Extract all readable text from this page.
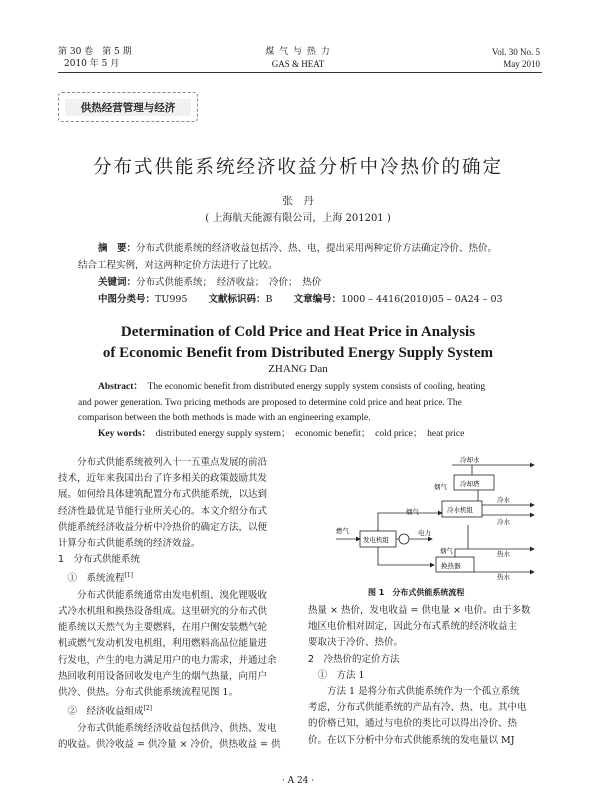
第 30 卷　第 5 期
2010 年 5 月
煤 气 与 热 力
GAS & HEAT
Vol. 30 No. 5
May 2010
供热经营管理与经济
分布式供能系统经济收益分析中冷热价的确定
张　丹
( 上海航天能源有限公司，上海 201201 )
摘　要：分布式供能系统的经济收益包括冷、热、电，提出采用两种定价方法确定冷价、热价。
结合工程实例，对这两种定价方法进行了比较。
关键词：分布式供能系统；　经济收益；　冷价；　热价
中图分类号：TU995 文献标识码：B 文章编号：1000 – 4416(2010)05 – 0A24 – 03
Determination of Cold Price and Heat Price in Analysis
of Economic Benefit from Distributed Energy Supply System
ZHANG Dan
Abstract： The economic benefit from distributed energy supply system consists of cooling, heating
and power generation. Two pricing methods are proposed to determine cold price and heat price. The
comparison between the both methods is made with an engineering example.
Key words： distributed energy supply system；　economic benefit；　cold price；　heat price
　　分布式供能系统被列入十一五重点发展的前沿
技术，近年来我国出台了许多相关的政策鼓励其发
展。如何给具体建筑配置分布式供能系统，以达到
经济性最优是节能行业所关心的。本文介绍分布式
供能系统经济收益分析中冷热价的确定方法，以便
计算分布式供能系统的经济效益。
1　分布式供能系统
　①　系统流程[1]
　　分布式供能系统通常由发电机组、溴化锂吸收
式冷水机组和换热设备组成。这里研究的分布式供
能系统以天然气为主要燃料，在用户侧安装燃气轮
机或燃气发动机发电机组，利用燃料高品位能量进
行发电，产生的电力满足用户的电力需求，并通过余
热回收利用设备回收发电产生的烟气热量，向用户
供冷、供热。分布式供能系统流程见图 1。
　②　经济收益组成[2]
　　分布式供能系统经济收益包括供冷、供热、发电
的收益。供冷收益 = 供冷量 × 冷价，供热收益 = 供
冷却水
冷却塔
烟气
冷水
冷水机组
冷水
烟气
燃气
发电机组
电力
烟气	热水
换热器
热水
图 1　分布式供能系统流程
热量 × 热价，发电收益 = 供电量 × 电价。由于多数
地区电价相对固定，因此分布式系统的经济收益主
要取决于冷价、热价。
2　冷热价的定价方法
　①　方法 1
　　方法 1 是将分布式供能系统作为一个孤立系统
考虑，分布式供能系统的产品有冷、热、电。其中电
的价格已知，通过与电价的类比可以得出冷价、热
价。在以下分析中分布式供能系统的发电量以 MJ
· A 24 ·
